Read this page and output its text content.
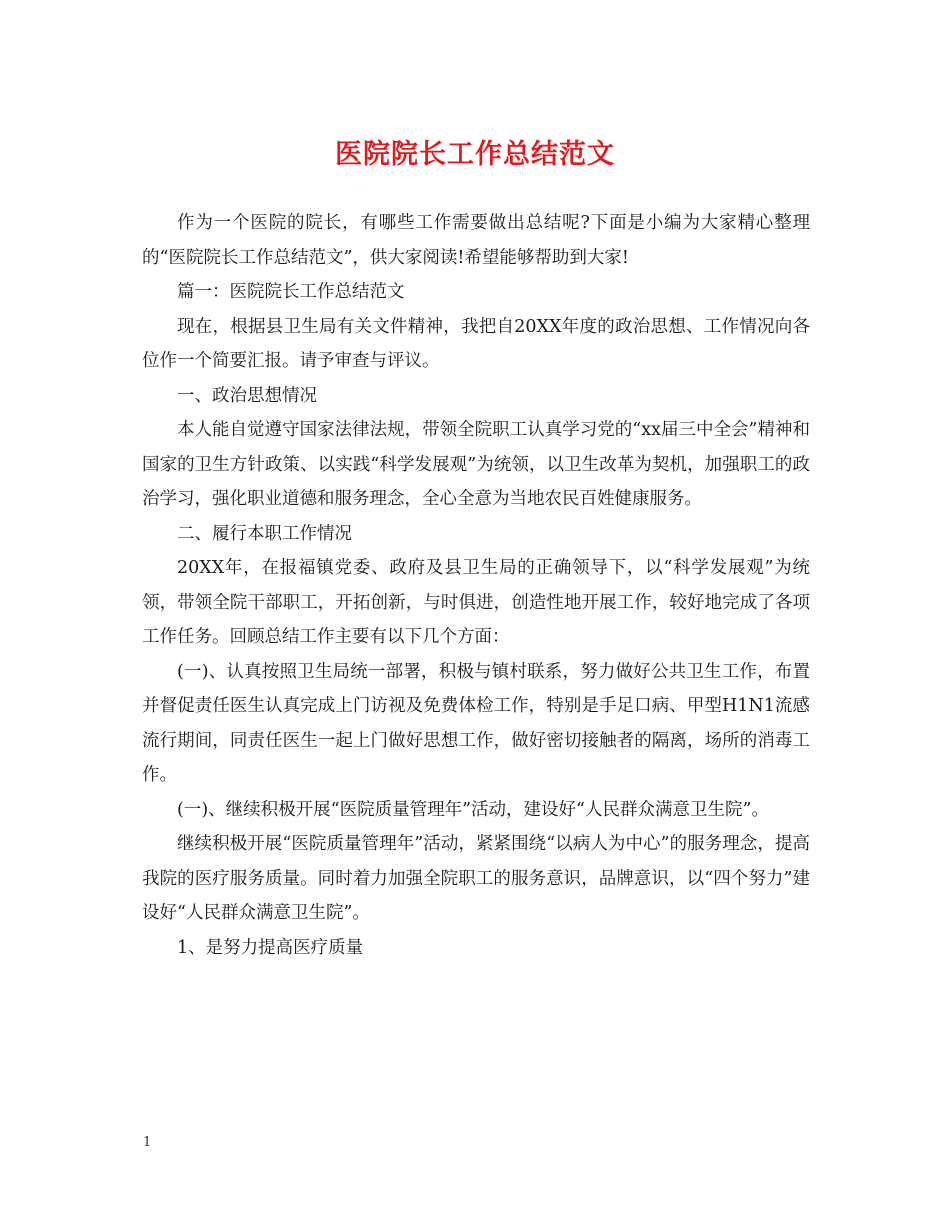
医院院长工作总结范文

作为一个医院的院长，有哪些工作需要做出总结呢?下面是小编为大家精心整理的“医院院长工作总结范文”，供大家阅读!希望能够帮助到大家!

篇一：医院院长工作总结范文

现在，根据县卫生局有关文件精神，我把自20XX年度的政治思想、工作情况向各位作一个简要汇报。请予审查与评议。

一、政治思想情况

本人能自觉遵守国家法律法规，带领全院职工认真学习党的“xx届三中全会”精神和国家的卫生方针政策、以实践“科学发展观”为统领，以卫生改革为契机，加强职工的政治学习，强化职业道德和服务理念，全心全意为当地农民百姓健康服务。

二、履行本职工作情况

20XX年，在报福镇党委、政府及县卫生局的正确领导下，以“科学发展观”为统领，带领全院干部职工，开拓创新，与时俱进，创造性地开展工作，较好地完成了各项工作任务。回顾总结工作主要有以下几个方面：

(一)、认真按照卫生局统一部署，积极与镇村联系，努力做好公共卫生工作，布置并督促责任医生认真完成上门访视及免费体检工作，特别是手足口病、甲型H1N1流感流行期间，同责任医生一起上门做好思想工作，做好密切接触者的隔离，场所的消毒工作。

(一)、继续积极开展“医院质量管理年”活动，建设好“人民群众满意卫生院”。

继续积极开展“医院质量管理年”活动，紧紧围绕“以病人为中心”的服务理念，提高我院的医疗服务质量。同时着力加强全院职工的服务意识，品牌意识，以“四个努力”建设好“人民群众满意卫生院”。

1、是努力提高医疗质量

1
